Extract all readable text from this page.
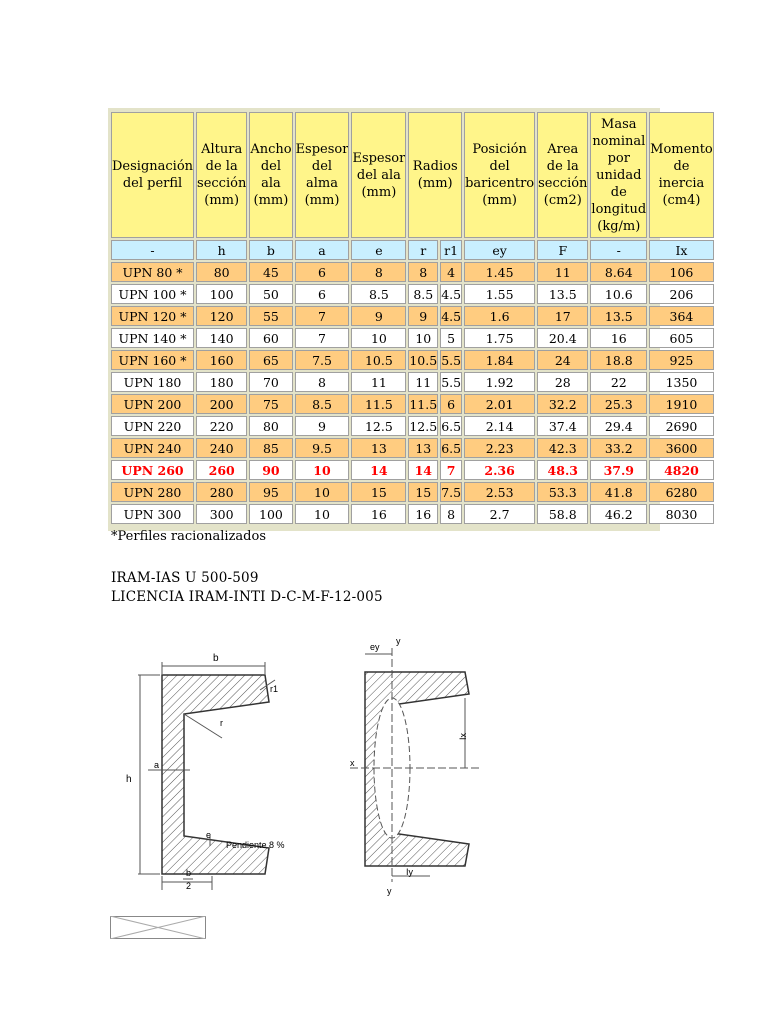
Designación del perfil	Altura de la sección (mm)	Ancho del ala (mm)	Espesor del alma (mm)	Espesor del ala (mm)	Radios (mm)		Posición del baricentro (mm)	Area de la sección (cm2)	Masa nominal por unidad de longitud (kg/m)	Momento de inercia (cm4)
-	h	b	a	e	r	r1	ey	F	-	Ix
UPN 80 *	80	45	6	8	8	4	1.45	11	8.64	106
UPN 100 *	100	50	6	8.5	8.5	4.5	1.55	13.5	10.6	206
UPN 120 *	120	55	7	9	9	4.5	1.6	17	13.5	364
UPN 140 *	140	60	7	10	10	5	1.75	20.4	16	605
UPN 160 *	160	65	7.5	10.5	10.5	5.5	1.84	24	18.8	925
UPN 180	180	70	8	11	11	5.5	1.92	28	22	1350
UPN 200	200	75	8.5	11.5	11.5	6	2.01	32.2	25.3	1910
UPN 220	220	80	9	12.5	12.5	6.5	2.14	37.4	29.4	2690
UPN 240	240	85	9.5	13	13	6.5	2.23	42.3	33.2	3600
UPN 260	260	90	10	14	14	7	2.36	48.3	37.9	4820
UPN 280	280	95	10	15	15	7.5	2.53	53.3	41.8	6280
UPN 300	300	100	10	16	16	8	2.7	58.8	46.2	8030
*Perfiles racionalizados
IRAM-IAS U 500-509
LICENCIA IRAM-INTI D-C-M-F-12-005
b
r1
r
h
a
e
Pendiente 8 %
b
2
ey
y
Ix
x
Iy
y
